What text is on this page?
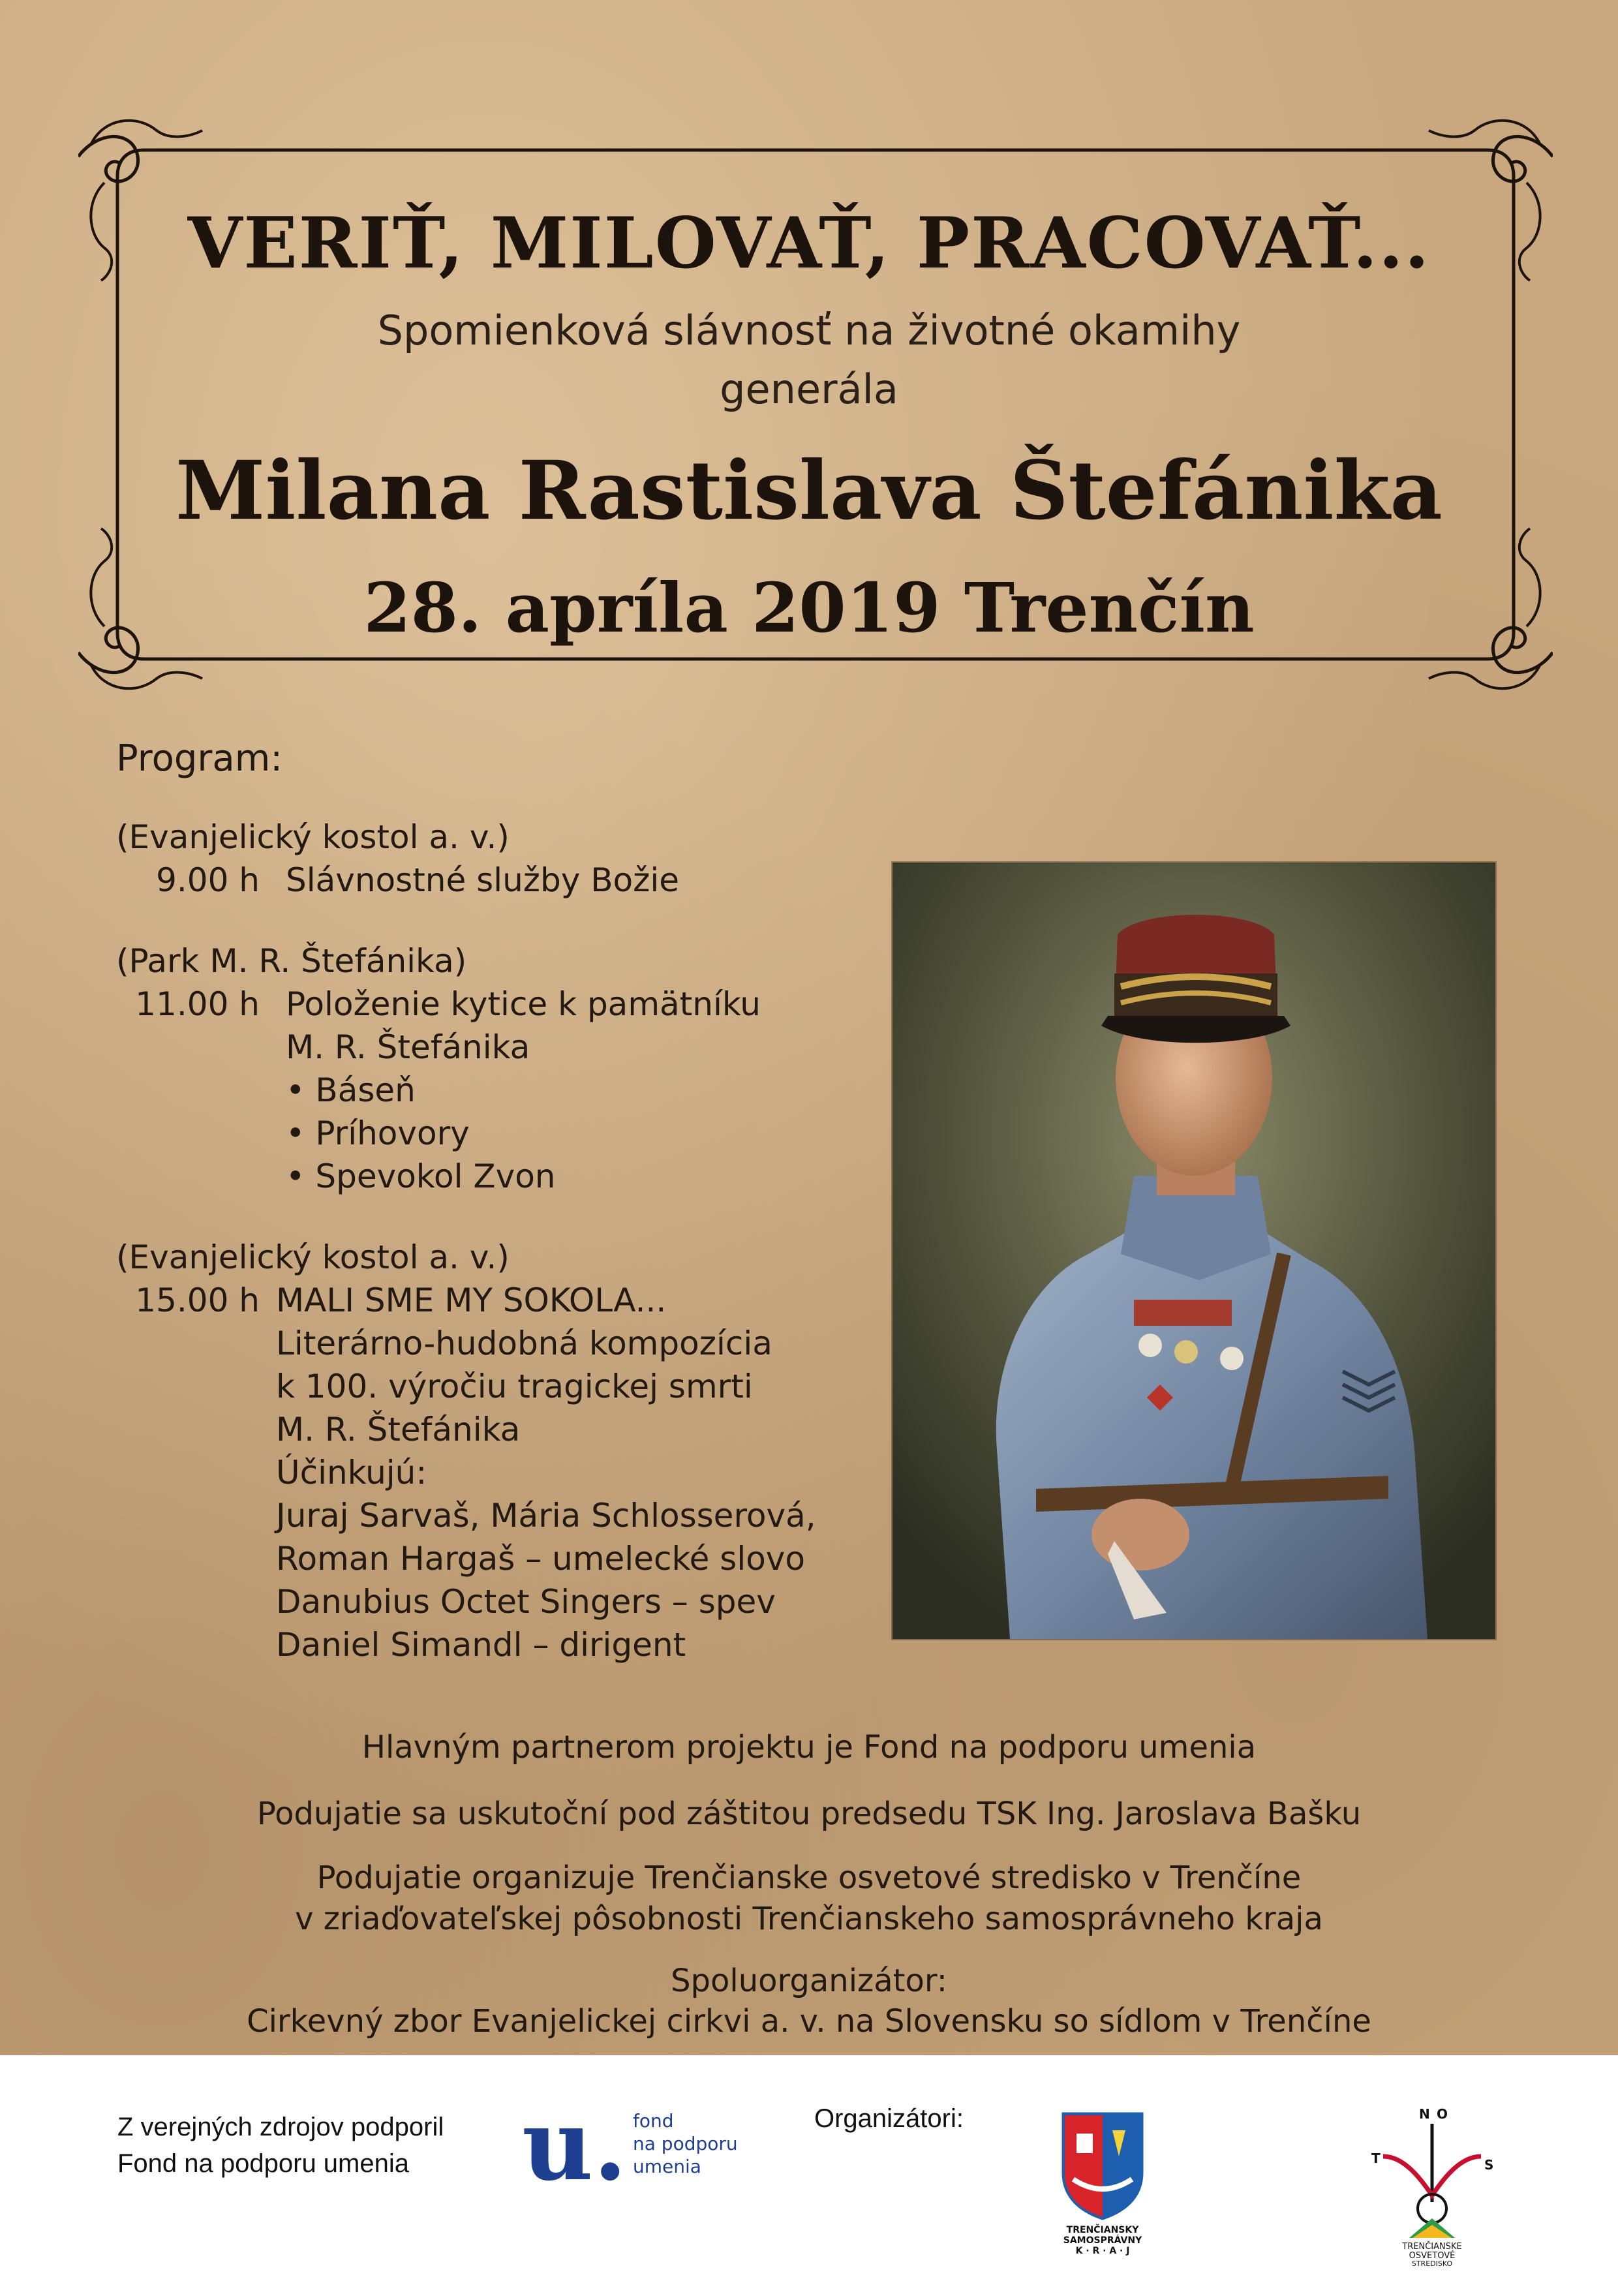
VERIŤ, MILOVAŤ, PRACOVAŤ...
Spomienková slávnosť na životné okamihy
generála
Milana Rastislava Štefánika
28. apríla 2019 Trenčín
Program:
(Evanjelický kostol a. v.)
9.00 h Slávnostné služby Božie
(Park M. R. Štefánika)
11.00 h Položenie kytice k pamätníku
M. R. Štefánika
• Báseň
• Príhovory
• Spevokol Zvon
(Evanjelický kostol a. v.)
15.00 h MALI SME MY SOKOLA...
Literárno-hudobná kompozícia
k 100. výročiu tragickej smrti
M. R. Štefánika
Účinkujú:
Juraj Sarvaš, Mária Schlosserová,
Roman Hargaš – umelecké slovo
Danubius Octet Singers – spev
Daniel Simandl – dirigent
Hlavným partnerom projektu je Fond na podporu umenia
Podujatie sa uskutoční pod záštitou predsedu TSK Ing. Jaroslava Bašku
Podujatie organizuje Trenčianske osvetové stredisko v Trenčíne
v zriaďovateľskej pôsobnosti Trenčianskeho samosprávneho kraja
Spoluorganizátor:
Cirkevný zbor Evanjelickej cirkvi a. v. na Slovensku so sídlom v Trenčíne
Z verejných zdrojov podporil
Fond na podporu umenia	u. fond
na podporu
umenia
Organizátori:
TRENČIANSKY
SAMOSPRÁVNY
K · R · A · J
T
N O
S
TRENČIANSKE
OSVETOVÉ
STREDISKO
